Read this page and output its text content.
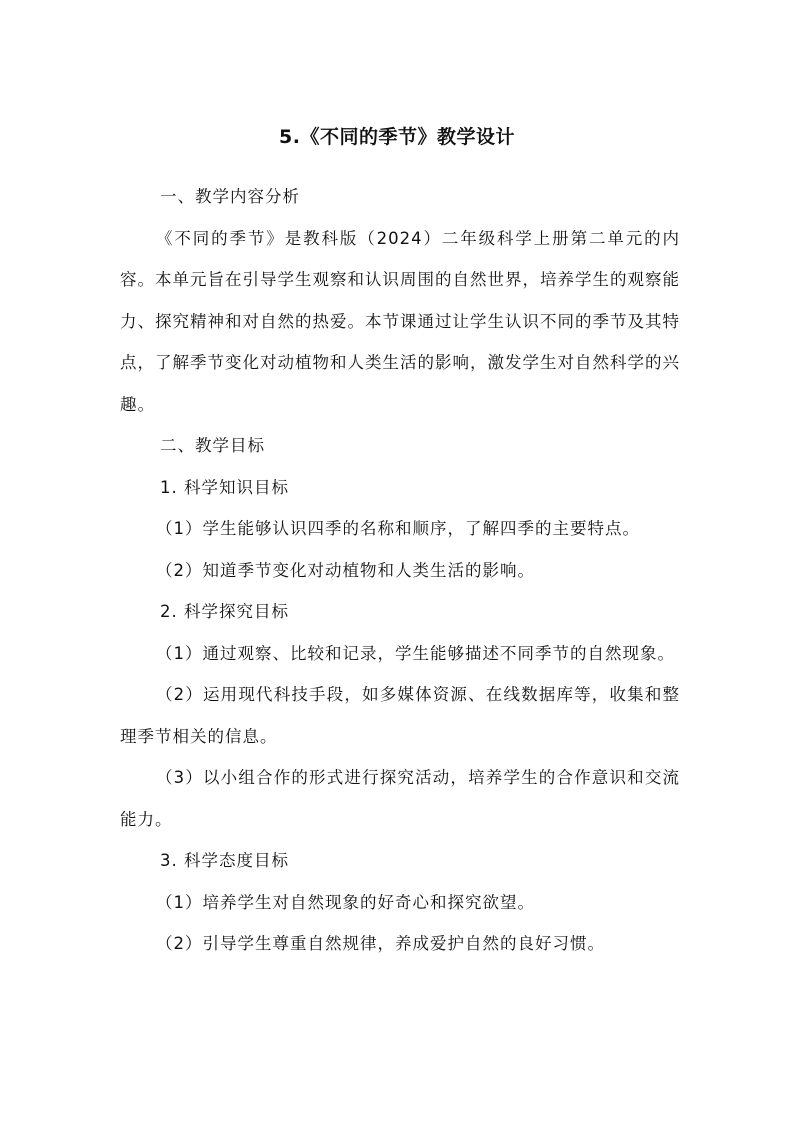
5.《不同的季节》教学设计

一、教学内容分析

《不同的季节》是教科版（2024）二年级科学上册第二单元的内容。本单元旨在引导学生观察和认识周围的自然世界，培养学生的观察能力、探究精神和对自然的热爱。本节课通过让学生认识不同的季节及其特点，了解季节变化对动植物和人类生活的影响，激发学生对自然科学的兴趣。

二、教学目标

1. 科学知识目标

（1）学生能够认识四季的名称和顺序，了解四季的主要特点。

（2）知道季节变化对动植物和人类生活的影响。

2. 科学探究目标

（1）通过观察、比较和记录，学生能够描述不同季节的自然现象。

（2）运用现代科技手段，如多媒体资源、在线数据库等，收集和整理季节相关的信息。

（3）以小组合作的形式进行探究活动，培养学生的合作意识和交流能力。

3. 科学态度目标

（1）培养学生对自然现象的好奇心和探究欲望。

（2）引导学生尊重自然规律，养成爱护自然的良好习惯。
